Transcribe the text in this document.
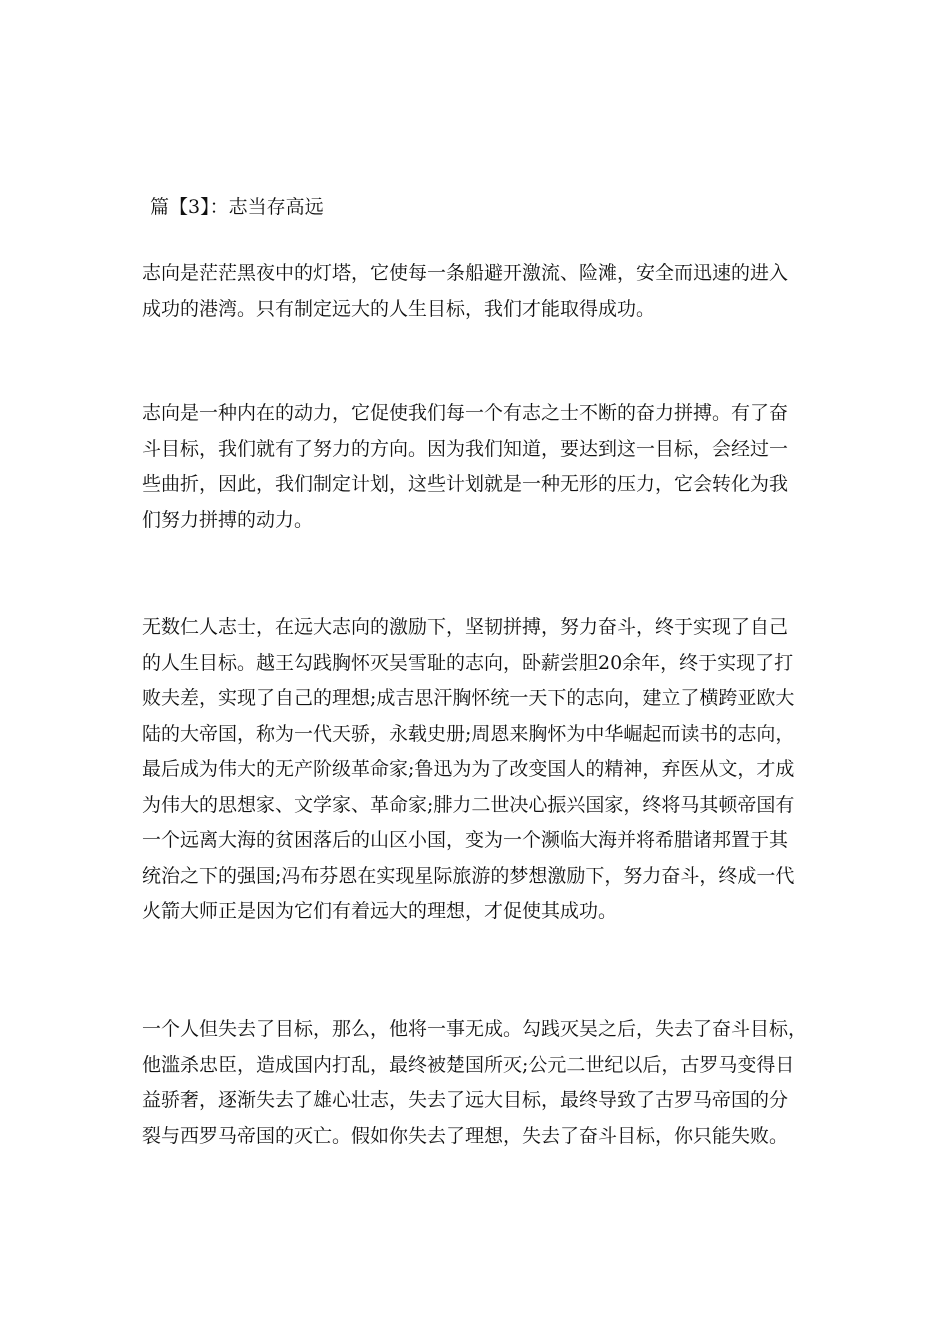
篇【3】：志当存高远
志向是茫茫黑夜中的灯塔，它使每一条船避开激流、险滩，安全而迅速的进入
成功的港湾。只有制定远大的人生目标，我们才能取得成功。
志向是一种内在的动力，它促使我们每一个有志之士不断的奋力拼搏。有了奋
斗目标，我们就有了努力的方向。因为我们知道，要达到这一目标，会经过一
些曲折，因此，我们制定计划，这些计划就是一种无形的压力，它会转化为我
们努力拼搏的动力。
无数仁人志士，在远大志向的激励下，坚韧拼搏，努力奋斗，终于实现了自己
的人生目标。越王勾践胸怀灭吴雪耻的志向，卧薪尝胆20余年，终于实现了打
败夫差，实现了自己的理想;成吉思汗胸怀统一天下的志向，建立了横跨亚欧大
陆的大帝国，称为一代天骄，永载史册;周恩来胸怀为中华崛起而读书的志向，
最后成为伟大的无产阶级革命家;鲁迅为为了改变国人的精神，弃医从文，才成
为伟大的思想家、文学家、革命家;腓力二世决心振兴国家，终将马其顿帝国有
一个远离大海的贫困落后的山区小国，变为一个濒临大海并将希腊诸邦置于其
统治之下的强国;冯布芬恩在实现星际旅游的梦想激励下，努力奋斗，终成一代
火箭大师正是因为它们有着远大的理想，才促使其成功。
一个人但失去了目标，那么，他将一事无成。勾践灭吴之后，失去了奋斗目标，
他滥杀忠臣，造成国内打乱，最终被楚国所灭;公元二世纪以后，古罗马变得日
益骄奢，逐渐失去了雄心壮志，失去了远大目标，最终导致了古罗马帝国的分
裂与西罗马帝国的灭亡。假如你失去了理想，失去了奋斗目标，你只能失败。
